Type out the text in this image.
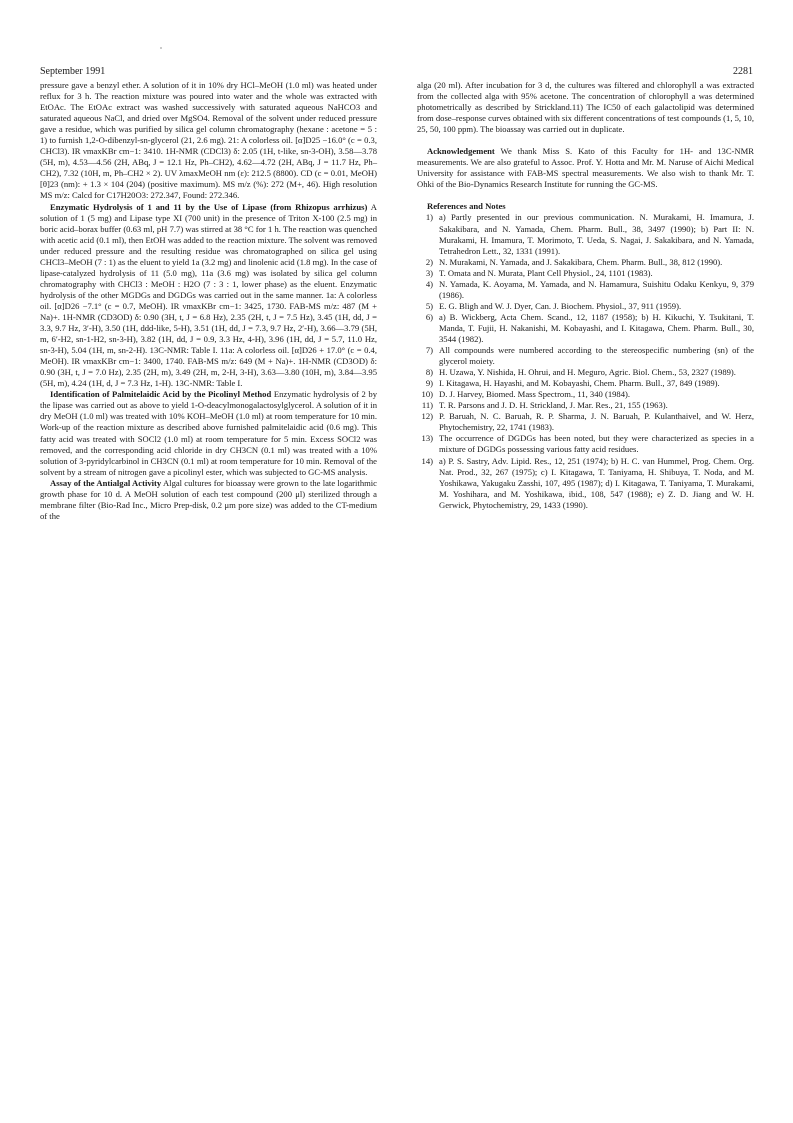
September 1991	2281

pressure gave a benzyl ether. A solution of it in 10% dry HCl–MeOH (1.0 ml) was heated under reflux for 3 h. The reaction mixture was poured into water and the whole was extracted with EtOAc. The EtOAc extract was washed successively with saturated aqueous NaHCO3 and saturated aqueous NaCl, and dried over MgSO4. Removal of the solvent under reduced pressure gave a residue, which was purified by silica gel column chromatography (hexane : acetone = 5 : 1) to furnish 1,2-O-dibenzyl-sn-glycerol (21, 2.6 mg). 21: A colorless oil. [α]D25 −16.0° (c = 0.3, CHCl3). IR νmaxKBr cm−1: 3410. 1H-NMR (CDCl3) δ: 2.05 (1H, t-like, sn-3-OH), 3.58—3.78 (5H, m), 4.53—4.56 (2H, ABq, J = 12.1 Hz, Ph–CH2), 4.62—4.72 (2H, ABq, J = 11.7 Hz, Ph–CH2), 7.32 (10H, m, Ph–CH2 × 2). UV λmaxMeOH nm (ε): 212.5 (8800). CD (c = 0.01, MeOH) [θ]23 (nm): + 1.3 × 104 (204) (positive maximum). MS m/z (%): 272 (M+, 46). High resolution MS m/z: Calcd for C17H20O3: 272.347, Found: 272.346.

Enzymatic Hydrolysis of 1 and 11 by the Use of Lipase (from Rhizopus arrhizus) A solution of 1 (5 mg) and Lipase type XI (700 unit) in the presence of Triton X-100 (2.5 mg) in boric acid–borax buffer (0.63 ml, pH 7.7) was stirred at 38 °C for 1 h. The reaction was quenched with acetic acid (0.1 ml), then EtOH was added to the reaction mixture. The solvent was removed under reduced pressure and the resulting residue was chromatographed on silica gel using CHCl3–MeOH (7 : 1) as the eluent to yield 1a (3.2 mg) and linolenic acid (1.8 mg). In the case of lipase-catalyzed hydrolysis of 11 (5.0 mg), 11a (3.6 mg) was isolated by silica gel column chromatography with CHCl3 : MeOH : H2O (7 : 3 : 1, lower phase) as the eluent. Enzymatic hydrolysis of the other MGDGs and DGDGs was carried out in the same manner. 1a: A colorless oil. [α]D26 −7.1° (c = 0.7, MeOH). IR νmaxKBr cm−1: 3425, 1730. FAB-MS m/z: 487 (M + Na)+. 1H-NMR (CD3OD) δ: 0.90 (3H, t, J = 6.8 Hz), 2.35 (2H, t, J = 7.5 Hz), 3.45 (1H, dd, J = 3.3, 9.7 Hz, 3′-H), 3.50 (1H, ddd-like, 5-H), 3.51 (1H, dd, J = 7.3, 9.7 Hz, 2′-H), 3.66—3.79 (5H, m, 6′-H2, sn-1-H2, sn-3-H), 3.82 (1H, dd, J = 0.9, 3.3 Hz, 4-H), 3.96 (1H, dd, J = 5.7, 11.0 Hz, sn-3-H), 5.04 (1H, m, sn-2-H). 13C-NMR: Table I. 11a: A colorless oil. [α]D26 + 17.0° (c = 0.4, MeOH). IR νmaxKBr cm−1: 3400, 1740. FAB-MS m/z: 649 (M + Na)+. 1H-NMR (CD3OD) δ: 0.90 (3H, t, J = 7.0 Hz), 2.35 (2H, m), 3.49 (2H, m, 2-H, 3-H), 3.63—3.80 (10H, m), 3.84—3.95 (5H, m), 4.24 (1H, d, J = 7.3 Hz, 1-H). 13C-NMR: Table I.

Identification of Palmitelaidic Acid by the Picolinyl Method Enzymatic hydrolysis of 2 by the lipase was carried out as above to yield 1-O-deacylmonogalactosylglycerol. A solution of it in dry MeOH (1.0 ml) was treated with 10% KOH–MeOH (1.0 ml) at room temperature for 10 min. Work-up of the reaction mixture as described above furnished palmitelaidic acid (0.6 mg). This fatty acid was treated with SOCl2 (1.0 ml) at room temperature for 5 min. Excess SOCl2 was removed, and the corresponding acid chloride in dry CH3CN (0.1 ml) was treated with a 10% solution of 3-pyridylcarbinol in CH3CN (0.1 ml) at room temperature for 10 min. Removal of the solvent by a stream of nitrogen gave a picolinyl ester, which was subjected to GC-MS analysis.

Assay of the Antialgal Activity Algal cultures for bioassay were grown to the late logarithmic growth phase for 10 d. A MeOH solution of each test compound (200 μl) sterilized through a membrane filter (Bio-Rad Inc., Micro Prep-disk, 0.2 μm pore size) was added to the CT-medium of the

alga (20 ml). After incubation for 3 d, the cultures was filtered and chlorophyll a was extracted from the collected alga with 95% acetone. The concentration of chlorophyll a was determined photometrically as described by Strickland.11) The IC50 of each galactolipid was determined from dose–response curves obtained with six different concentrations of test compounds (1, 5, 10, 25, 50, 100 ppm). The bioassay was carried out in duplicate.

Acknowledgement We thank Miss S. Kato of this Faculty for 1H- and 13C-NMR measurements. We are also grateful to Assoc. Prof. Y. Hotta and Mr. M. Naruse of Aichi Medical University for assistance with FAB-MS spectral measurements. We also wish to thank Mr. T. Ohki of the Bio-Dynamics Research Institute for running the GC-MS.

References and Notes

1) a) Partly presented in our previous communication. N. Murakami, H. Imamura, J. Sakakibara, and N. Yamada, Chem. Pharm. Bull., 38, 3497 (1990); b) Part II: N. Murakami, H. Imamura, T. Morimoto, T. Ueda, S. Nagai, J. Sakakibara, and N. Yamada, Tetrahedron Lett., 32, 1331 (1991).
2) N. Murakami, N. Yamada, and J. Sakakibara, Chem. Pharm. Bull., 38, 812 (1990).
3) T. Omata and N. Murata, Plant Cell Physiol., 24, 1101 (1983).
4) N. Yamada, K. Aoyama, M. Yamada, and N. Hamamura, Suishitu Odaku Kenkyu, 9, 379 (1986).
5) E. G. Bligh and W. J. Dyer, Can. J. Biochem. Physiol., 37, 911 (1959).
6) a) B. Wickberg, Acta Chem. Scand., 12, 1187 (1958); b) H. Kikuchi, Y. Tsukitani, T. Manda, T. Fujii, H. Nakanishi, M. Kobayashi, and I. Kitagawa, Chem. Pharm. Bull., 30, 3544 (1982).
7) All compounds were numbered according to the stereospecific numbering (sn) of the glycerol moiety.
8) H. Uzawa, Y. Nishida, H. Ohrui, and H. Meguro, Agric. Biol. Chem., 53, 2327 (1989).
9) I. Kitagawa, H. Hayashi, and M. Kobayashi, Chem. Pharm. Bull., 37, 849 (1989).
10) D. J. Harvey, Biomed. Mass Spectrom., 11, 340 (1984).
11) T. R. Parsons and J. D. H. Strickland, J. Mar. Res., 21, 155 (1963).
12) P. Baruah, N. C. Baruah, R. P. Sharma, J. N. Baruah, P. Kulanthaivel, and W. Herz, Phytochemistry, 22, 1741 (1983).
13) The occurrence of DGDGs has been noted, but they were characterized as species in a mixture of DGDGs possessing various fatty acid residues.
14) a) P. S. Sastry, Adv. Lipid. Res., 12, 251 (1974); b) H. C. van Hummel, Prog. Chem. Org. Nat. Prod., 32, 267 (1975); c) I. Kitagawa, T. Taniyama, H. Shibuya, T. Noda, and M. Yoshikawa, Yakugaku Zasshi, 107, 495 (1987); d) I. Kitagawa, T. Taniyama, T. Murakami, M. Yoshihara, and M. Yoshikawa, ibid., 108, 547 (1988); e) Z. D. Jiang and W. H. Gerwick, Phytochemistry, 29, 1433 (1990).
